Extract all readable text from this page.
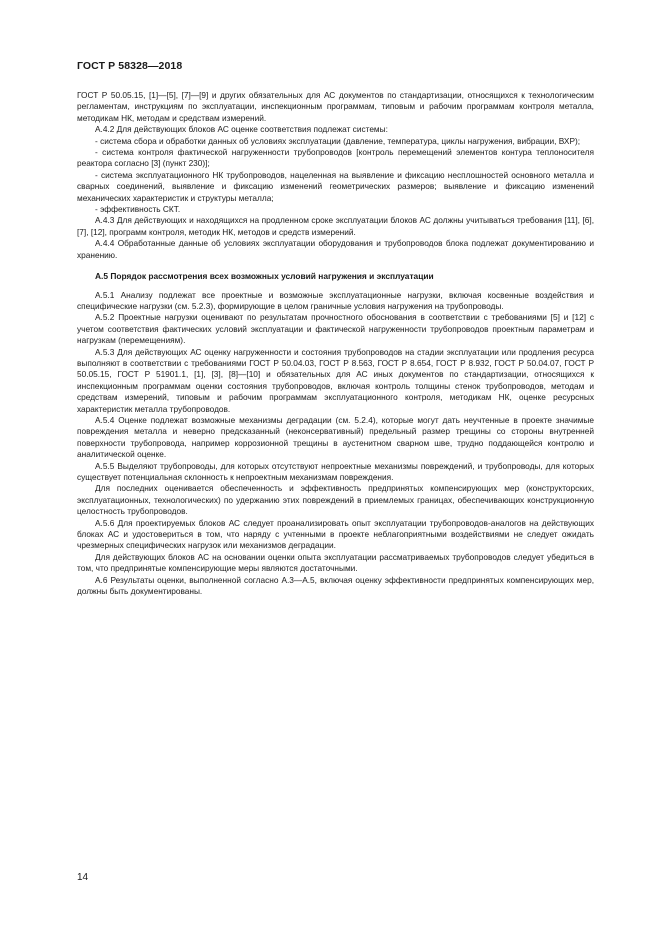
ГОСТ Р 58328—2018

ГОСТ Р 50.05.15, [1]—[5], [7]—[9] и других обязательных для АС документов по стандартизации, относящихся к технологическим регламентам, инструкциям по эксплуатации, инспекционным программам, типовым и рабочим программам контроля металла, методикам НК, методам и средствам измерений.

А.4.2 Для действующих блоков АС оценке соответствия подлежат системы:

- система сбора и обработки данных об условиях эксплуатации (давление, температура, циклы нагружения, вибрации, ВХР);

- система контроля фактической нагруженности трубопроводов [контроль перемещений элементов контура теплоносителя реактора согласно [3] (пункт 230)];

- система эксплуатационного НК трубопроводов, нацеленная на выявление и фиксацию несплошностей основного металла и сварных соединений, выявление и фиксацию изменений геометрических размеров; выявление и фиксацию изменений механических характеристик и структуры металла;

- эффективность СКТ.

А.4.3 Для действующих и находящихся на продленном сроке эксплуатации блоков АС должны учитываться требования [11], [6], [7], [12], программ контроля, методик НК, методов и средств измерений.

А.4.4 Обработанные данные об условиях эксплуатации оборудования и трубопроводов блока подлежат документированию и хранению.

А.5 Порядок рассмотрения всех возможных условий нагружения и эксплуатации

А.5.1 Анализу подлежат все проектные и возможные эксплуатационные нагрузки, включая косвенные воздействия и специфические нагрузки (см. 5.2.3), формирующие в целом граничные условия нагружения на трубопроводы.

А.5.2 Проектные нагрузки оценивают по результатам прочностного обоснования в соответствии с требованиями [5] и [12] с учетом соответствия фактических условий эксплуатации и фактической нагруженности трубопроводов проектным параметрам и нагрузкам (перемещениям).

А.5.3 Для действующих АС оценку нагруженности и состояния трубопроводов на стадии эксплуатации или продления ресурса выполняют в соответствии с требованиями ГОСТ Р 50.04.03, ГОСТ Р 8.563, ГОСТ Р 8.654, ГОСТ Р 8.932, ГОСТ Р 50.04.07, ГОСТ Р 50.05.15, ГОСТ Р 51901.1, [1], [3], [8]—[10] и обязательных для АС иных документов по стандартизации, относящихся к инспекционным программам оценки состояния трубопроводов, включая контроль толщины стенок трубопроводов, методам и средствам измерений, типовым и рабочим программам эксплуатационного контроля, методикам НК, оценке ресурсных характеристик металла трубопроводов.

А.5.4 Оценке подлежат возможные механизмы деградации (см. 5.2.4), которые могут дать неучтенные в проекте значимые повреждения металла и неверно предсказанный (неконсервативный) предельный размер трещины со стороны внутренней поверхности трубопровода, например коррозионной трещины в аустенитном сварном шве, трудно поддающейся контролю и аналитической оценке.

А.5.5 Выделяют трубопроводы, для которых отсутствуют непроектные механизмы повреждений, и трубопроводы, для которых существует потенциальная склонность к непроектным механизмам повреждения.

Для последних оценивается обеспеченность и эффективность предпринятых компенсирующих мер (конструкторских, эксплуатационных, технологических) по удержанию этих повреждений в приемлемых границах, обеспечивающих конструкционную целостность трубопроводов.

А.5.6 Для проектируемых блоков АС следует проанализировать опыт эксплуатации трубопроводов-аналогов на действующих блоках АС и удостовериться в том, что наряду с учтенными в проекте неблагоприятными воздействиями не следует ожидать чрезмерных специфических нагрузок или механизмов деградации.

Для действующих блоков АС на основании оценки опыта эксплуатации рассматриваемых трубопроводов следует убедиться в том, что предпринятые компенсирующие меры являются достаточными.

А.6 Результаты оценки, выполненной согласно А.3—А.5, включая оценку эффективности предпринятых компенсирующих мер, должны быть документированы.

14
